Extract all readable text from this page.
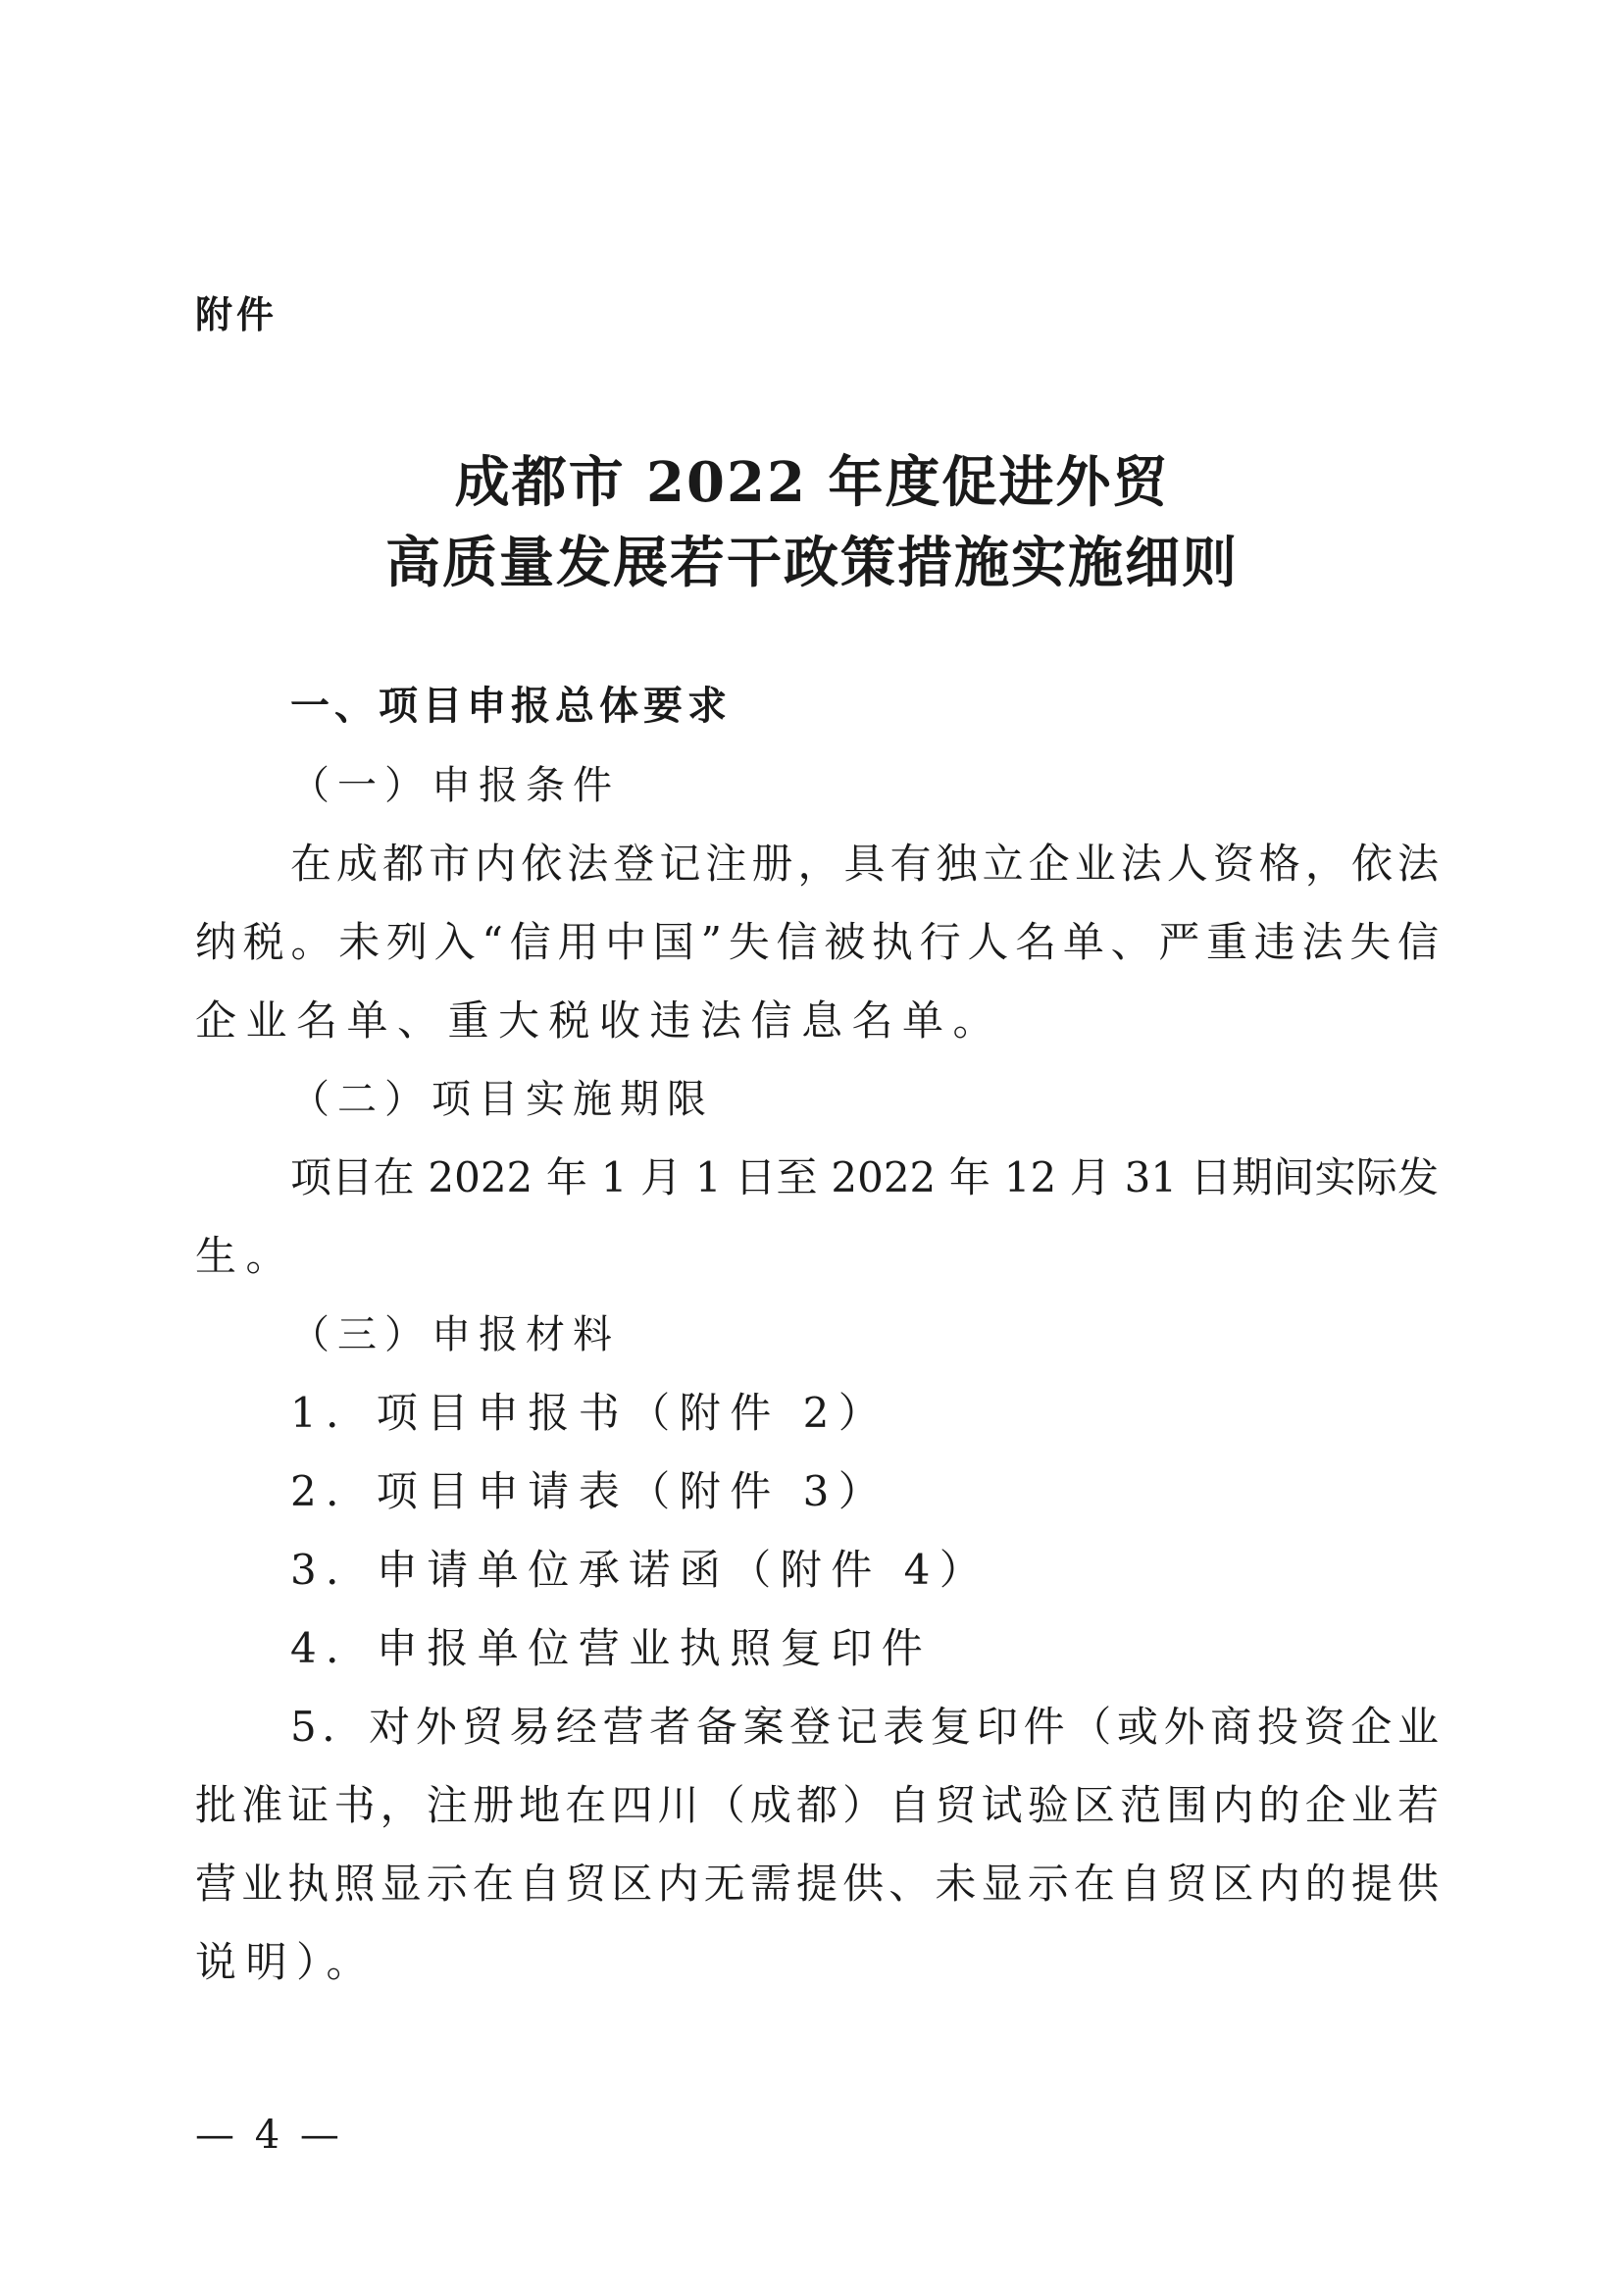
附件
成都市 2022 年度促进外贸
高质量发展若干政策措施实施细则
一、项目申报总体要求
（一）申报条件
在成都市内依法登记注册，具有独立企业法人资格，依法
纳税。未列入“信用中国”失信被执行人名单、严重违法失信
企业名单、重大税收违法信息名单。
（二）项目实施期限
项目在 2022 年 1 月 1 日至 2022 年 12 月 31 日期间实际发
生。
（三）申报材料
1．项目申报书（附件 2）
2．项目申请表（附件 3）
3．申请单位承诺函（附件 4）
4．申报单位营业执照复印件
5．对外贸易经营者备案登记表复印件（或外商投资企业
批准证书，注册地在四川（成都）自贸试验区范围内的企业若
营业执照显示在自贸区内无需提供、未显示在自贸区内的提供
说明）。
— 4 —
